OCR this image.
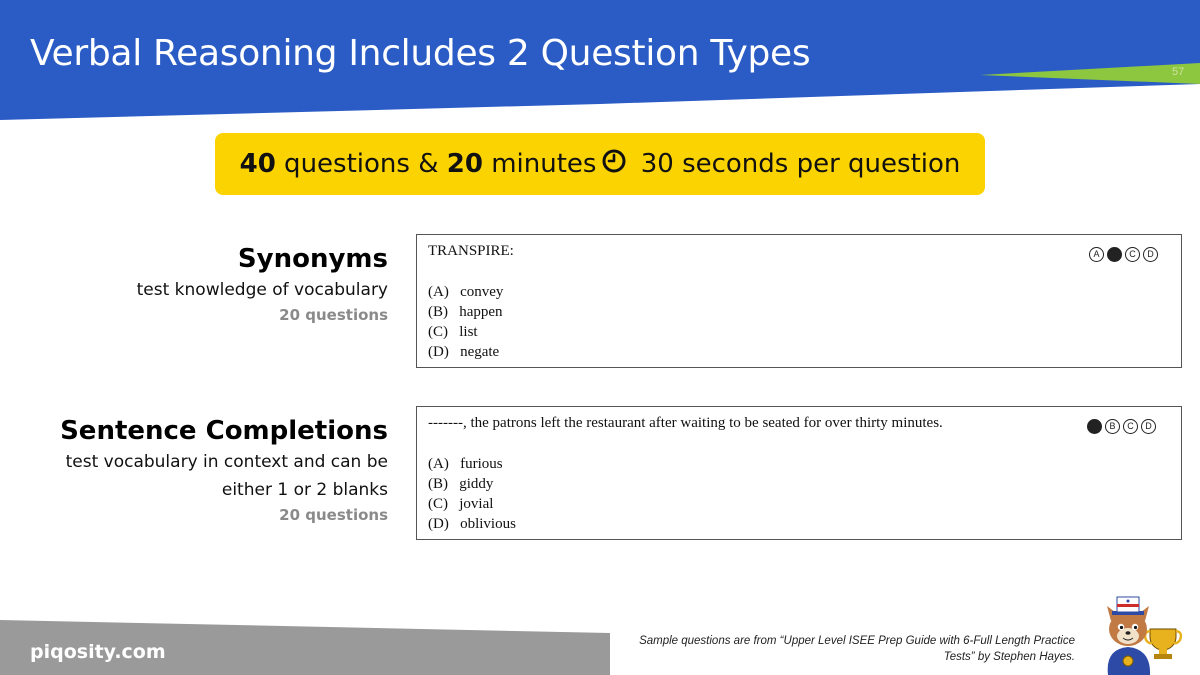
Verbal Reasoning Includes 2 Question Types	57
40 questions & 20 minutes 30 seconds per question
Synonyms
test knowledge of vocabulary
20 questions
TRANSPIRE:
(A)   convey
(B)   happen
(C)   list
(D)   negate
A	B	C	D
Sentence Completions
test vocabulary in context and can be
either 1 or 2 blanks
20 questions
-------, the patrons left the restaurant after waiting to be seated for over thirty minutes.
(A)   furious
(B)   giddy
(C)   jovial
(D)   oblivious
A	B	C	D
piqosity.com	Sample questions are from “Upper Level ISEE Prep Guide with 6-Full Length Practice
Tests” by Stephen Hayes.
